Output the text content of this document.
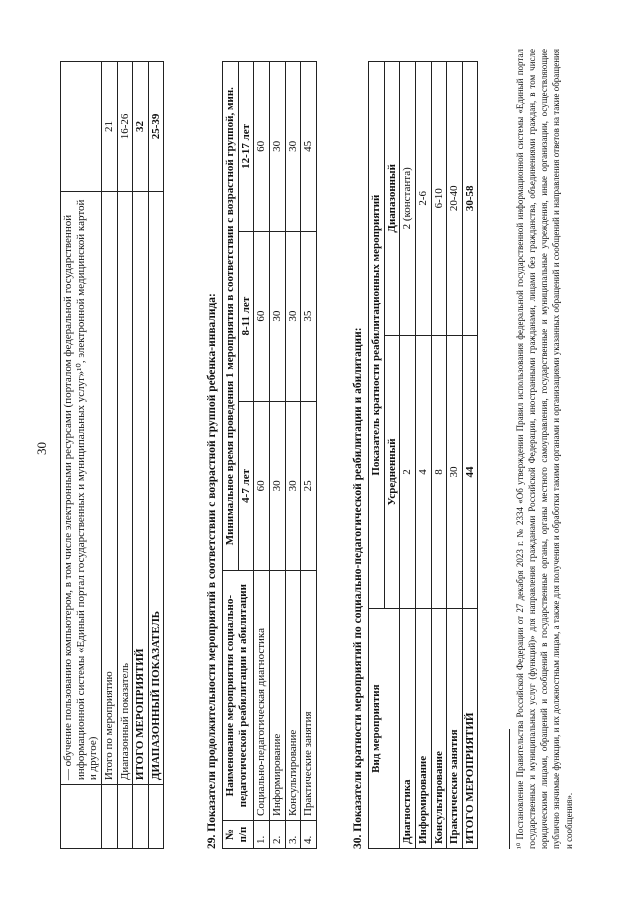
30
	— обучение пользованию компьютером, в том числе электронными ресурсами (порталом федеральной государственной информационной системы «Единый портал государственных и муниципальных услуг»¹⁰, электронной медицинской картой и другое)	
	Итого по мероприятию	21
	Диапазонный показатель	16-26
	ИТОГО МЕРОПРИЯТИЙ	32
	ДИАПАЗОННЫЙ ПОКАЗАТЕЛЬ	25-39
29. Показатели продолжительности мероприятий в соответствии с возрастной группой ребенка-инвалида: № п/п	Наименование мероприятия социально-педагогической реабилитации и абилитации	Минимальное время проведения 1 мероприятия в соответствии с возрастной группой, мин.		
		4-7 лет	8-11 лет	12-17 лет
1.	Социально-педагогическая диагностика	60	60	60
2.	Информирование	30	30	30
3.	Консультирование	30	30	30
4.	Практические занятия	25	35	45
30. Показатели кратности мероприятий по социально-педагогической реабилитации и абилитации: Вид мероприятия	Показатель кратности реабилитационных мероприятий	
	Усредненный	Диапазонный
Диагностика	2	2 (константа)
Информирование	4	2-6
Консультирование	8	6-10
Практические занятия	30	20-40
ИТОГО МЕРОПРИЯТИЙ	44	30-58	¹⁰ Постановление Правительства Российской Федерации от 27 декабря 2023 г. № 2334 «Об утверждении Правил использования федеральной государственной информационной системы «Единый портал государственных и муниципальных услуг (функций)» для направления гражданами Российской Федерации, иностранными гражданами, лицами без гражданства, объединениями граждан, в том числе юридическими лицами, обращений и сообщений в государственные органы, органы местного самоуправления, государственные и муниципальные учреждения, иные организации, осуществляющие публично значимые функции, и их должностным лицам, а также для получения и обработки такими органами и организациями указанных обращений и сообщений и направления ответов на такие обращения и сообщения».
